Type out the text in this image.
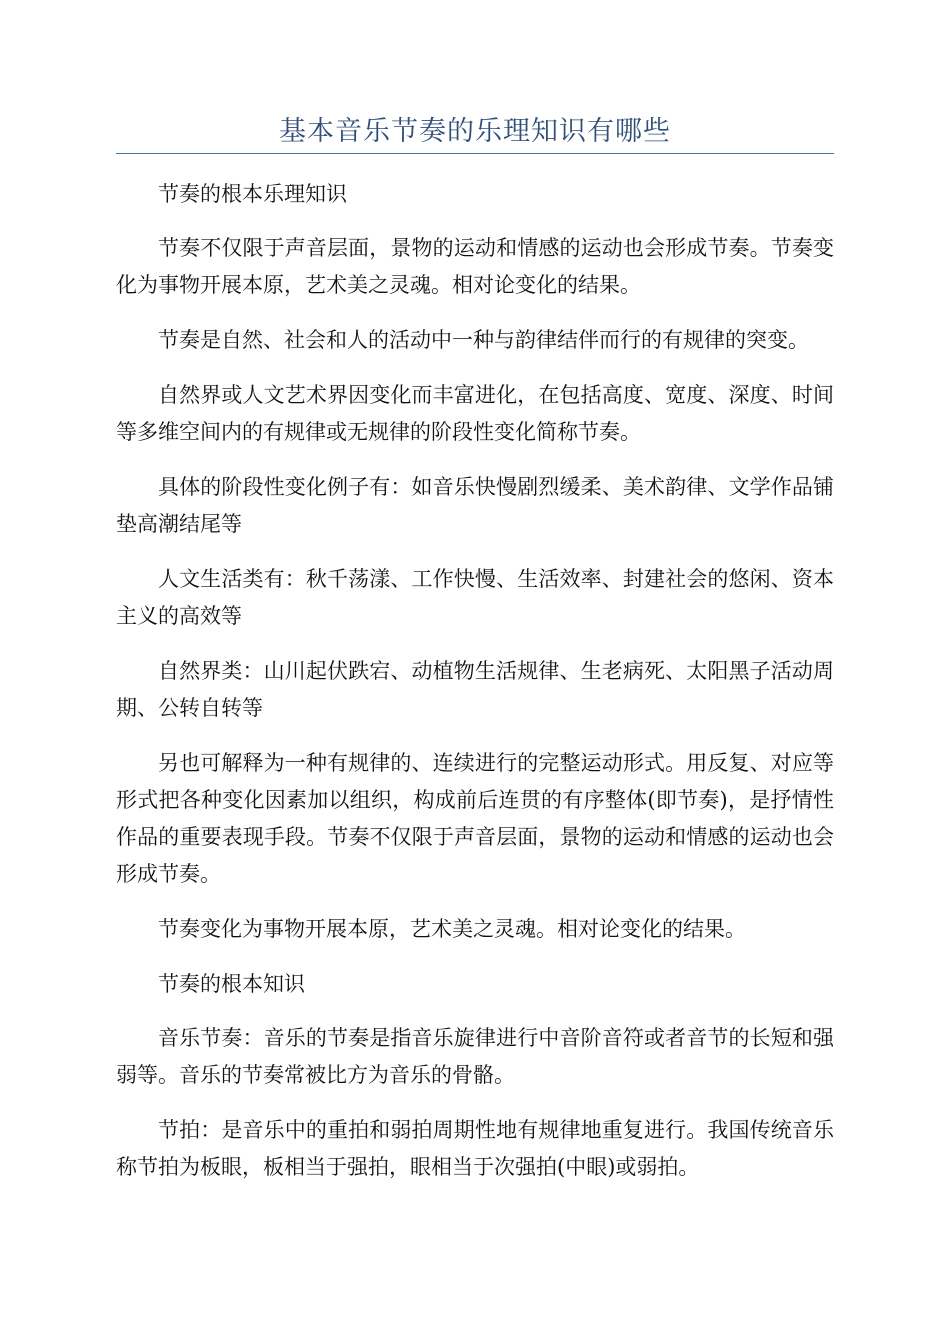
基本音乐节奏的乐理知识有哪些

节奏的根本乐理知识

节奏不仅限于声音层面，景物的运动和情感的运动也会形成节奏。节奏变化为事物开展本原，艺术美之灵魂。相对论变化的结果。

节奏是自然、社会和人的活动中一种与韵律结伴而行的有规律的突变。

自然界或人文艺术界因变化而丰富进化，在包括高度、宽度、深度、时间等多维空间内的有规律或无规律的阶段性变化简称节奏。

具体的阶段性变化例子有：如音乐快慢剧烈缓柔、美术韵律、文学作品铺垫高潮结尾等

人文生活类有：秋千荡漾、工作快慢、生活效率、封建社会的悠闲、资本主义的高效等

自然界类：山川起伏跌宕、动植物生活规律、生老病死、太阳黑子活动周期、公转自转等

另也可解释为一种有规律的、连续进行的完整运动形式。用反复、对应等形式把各种变化因素加以组织，构成前后连贯的有序整体(即节奏)，是抒情性作品的重要表现手段。节奏不仅限于声音层面，景物的运动和情感的运动也会形成节奏。

节奏变化为事物开展本原，艺术美之灵魂。相对论变化的结果。

节奏的根本知识

音乐节奏：音乐的节奏是指音乐旋律进行中音阶音符或者音节的长短和强弱等。音乐的节奏常被比方为音乐的骨骼。

节拍：是音乐中的重拍和弱拍周期性地有规律地重复进行。我国传统音乐称节拍为板眼，板相当于强拍，眼相当于次强拍(中眼)或弱拍。
